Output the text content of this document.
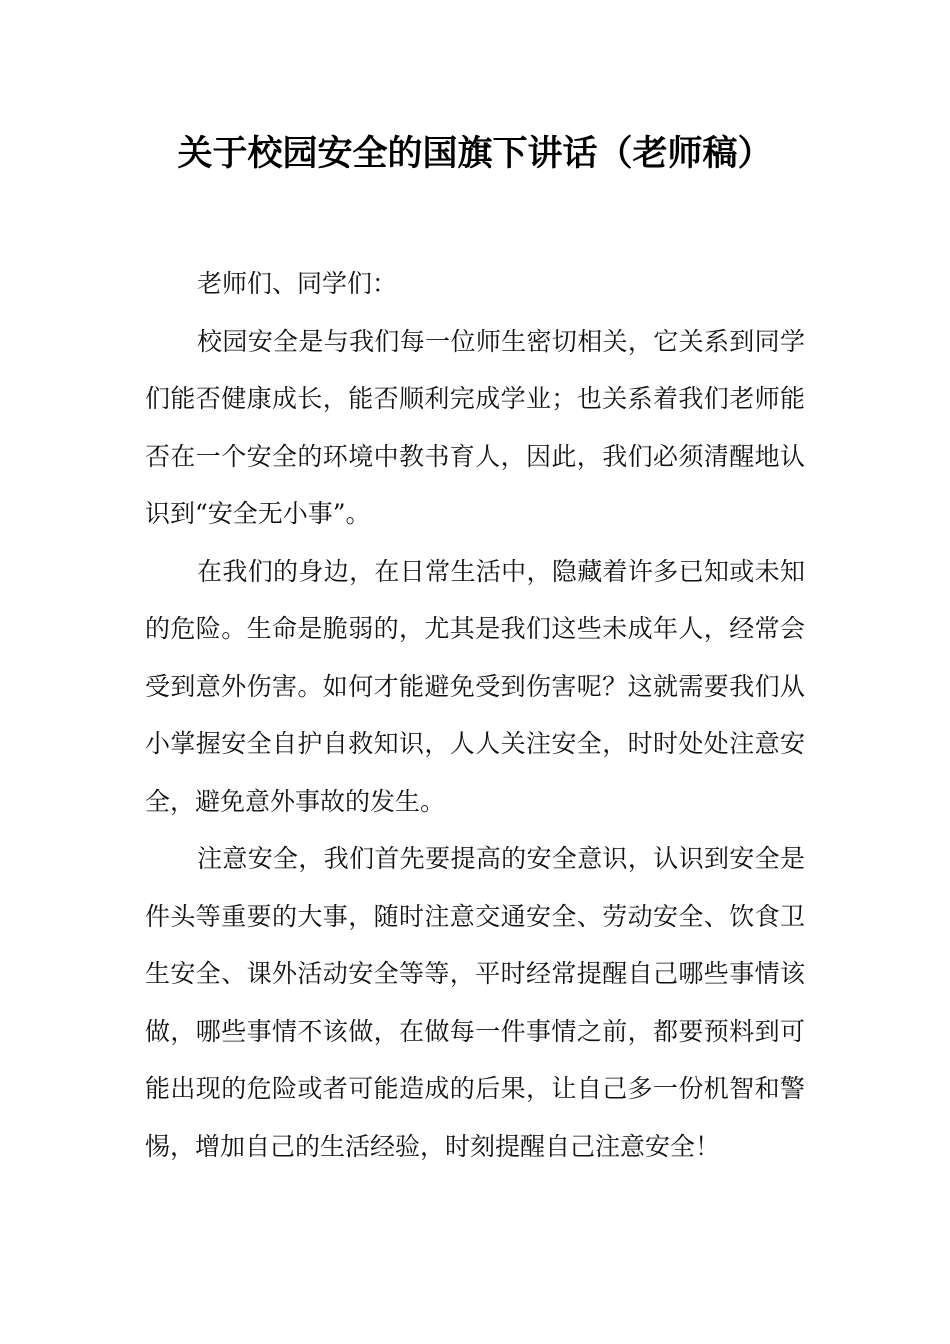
关于校园安全的国旗下讲话（老师稿）

老师们、同学们：

校园安全是与我们每一位师生密切相关，它关系到同学们能否健康成长，能否顺利完成学业；也关系着我们老师能否在一个安全的环境中教书育人，因此，我们必须清醒地认识到“安全无小事”。

在我们的身边，在日常生活中，隐藏着许多已知或未知的危险。生命是脆弱的，尤其是我们这些未成年人，经常会受到意外伤害。如何才能避免受到伤害呢？这就需要我们从小掌握安全自护自救知识，人人关注安全，时时处处注意安全，避免意外事故的发生。

注意安全，我们首先要提高的安全意识，认识到安全是件头等重要的大事，随时注意交通安全、劳动安全、饮食卫生安全、课外活动安全等等，平时经常提醒自己哪些事情该做，哪些事情不该做，在做每一件事情之前，都要预料到可能出现的危险或者可能造成的后果，让自己多一份机智和警惕，增加自己的生活经验，时刻提醒自己注意安全！
